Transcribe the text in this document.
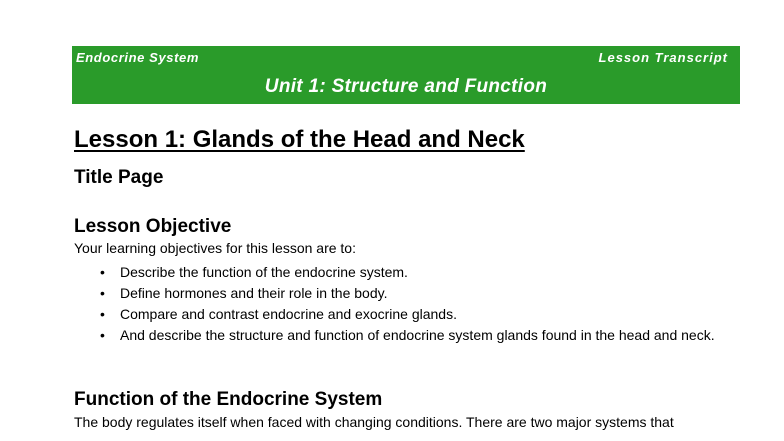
Endocrine System	Lesson Transcript
Unit 1: Structure and Function
Lesson 1: Glands of the Head and Neck
Title Page
Lesson Objective
Your learning objectives for this lesson are to:
• Describe the function of the endocrine system.
• Define hormones and their role in the body.
• Compare and contrast endocrine and exocrine glands.
• And describe the structure and function of endocrine system glands found in the head and neck.
Function of the Endocrine System
The body regulates itself when faced with changing conditions. There are two major systems that
